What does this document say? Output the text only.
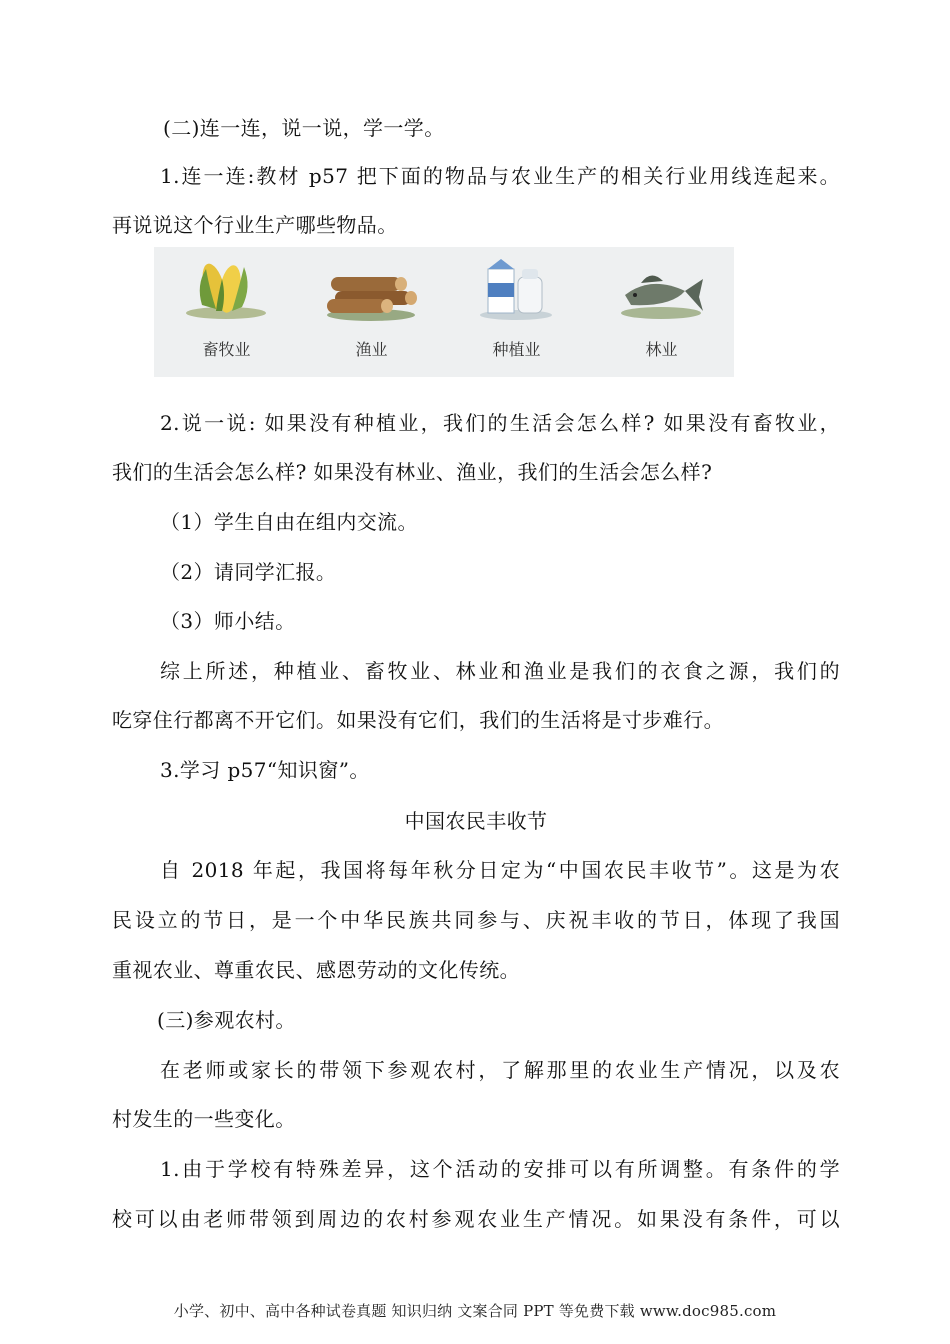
(二)连一连，说一说，学一学。
1.连一连:教材 p57 把下面的物品与农业生产的相关行业用线连起来。
再说说这个行业生产哪些物品。
畜牧业	渔业	种植业	林业
2.说一说: 如果没有种植业，我们的生活会怎么样? 如果没有畜牧业，
我们的生活会怎么样? 如果没有林业、渔业，我们的生活会怎么样?
（1）学生自由在组内交流。
（2）请同学汇报。
（3）师小结。
综上所述，种植业、畜牧业、林业和渔业是我们的衣食之源，我们的
吃穿住行都离不开它们。如果没有它们，我们的生活将是寸步难行。
3.学习 p57“知识窗”。
中国农民丰收节
自 2018 年起，我国将每年秋分日定为“中国农民丰收节”。这是为农
民设立的节日，是一个中华民族共同参与、庆祝丰收的节日，体现了我国
重视农业、尊重农民、感恩劳动的文化传统。
(三)参观农村。
在老师或家长的带领下参观农村，了解那里的农业生产情况，以及农
村发生的一些变化。
1.由于学校有特殊差异，这个活动的安排可以有所调整。有条件的学
校可以由老师带领到周边的农村参观农业生产情况。如果没有条件，可以
小学、初中、高中各种试卷真题 知识归纳 文案合同 PPT 等免费下载 www.doc985.com
